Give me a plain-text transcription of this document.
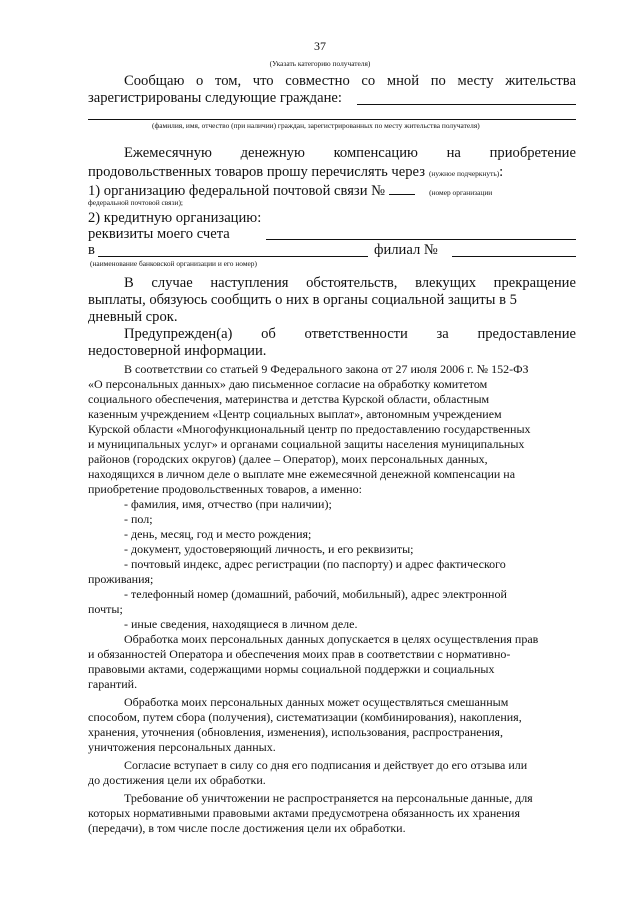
37
(Указать категорию получателя)
Сообщаю о том, что совместно со мной по месту жительства
зарегистрированы следующие граждане:
(фамилия, имя, отчество (при наличии) граждан, зарегистрированных по месту жительства получателя)
Ежемесячную денежную компенсацию на приобретение
продовольственных товаров прошу перечислять через (нужное подчеркнуть):
1) организацию федеральной почтовой связи №	(номер организации
федеральной почтовой связи);
2) кредитную организацию:
реквизиты моего счета
в	филиал №
(наименование банковской организации и его номер)
В случае наступления обстоятельств, влекущих прекращение
выплаты, обязуюсь сообщить о них в органы социальной защиты в 5
дневный срок.
Предупрежден(а) об ответственности за предоставление
недостоверной информации.
В соответствии со статьей 9 Федерального закона от 27 июля 2006 г. № 152-ФЗ
«О персональных данных» даю письменное согласие на обработку комитетом
социального обеспечения, материнства и детства Курской области, областным
казенным учреждением «Центр социальных выплат», автономным учреждением
Курской области «Многофункциональный центр по предоставлению государственных
и муниципальных услуг» и органами социальной защиты населения муниципальных
районов (городских округов) (далее – Оператор), моих персональных данных,
находящихся в личном деле о выплате мне ежемесячной денежной компенсации на
приобретение продовольственных товаров, а именно:
- фамилия, имя, отчество (при наличии);
- пол;
- день, месяц, год и место рождения;
- документ, удостоверяющий личность, и его реквизиты;
- почтовый индекс, адрес регистрации (по паспорту) и адрес фактического
проживания;
- телефонный номер (домашний, рабочий, мобильный), адрес электронной
почты;
- иные сведения, находящиеся в личном деле.
Обработка моих персональных данных допускается в целях осуществления прав
и обязанностей Оператора и обеспечения моих прав в соответствии с нормативно-
правовыми актами, содержащими нормы социальной поддержки и социальных
гарантий.
Обработка моих персональных данных может осуществляться смешанным
способом, путем сбора (получения), систематизации (комбинирования), накопления,
хранения, уточнения (обновления, изменения), использования, распространения,
уничтожения персональных данных.
Согласие вступает в силу со дня его подписания и действует до его отзыва или
до достижения цели их обработки.
Требование об уничтожении не распространяется на персональные данные, для
которых нормативными правовыми актами предусмотрена обязанность их хранения
(передачи), в том числе после достижения цели их обработки.
